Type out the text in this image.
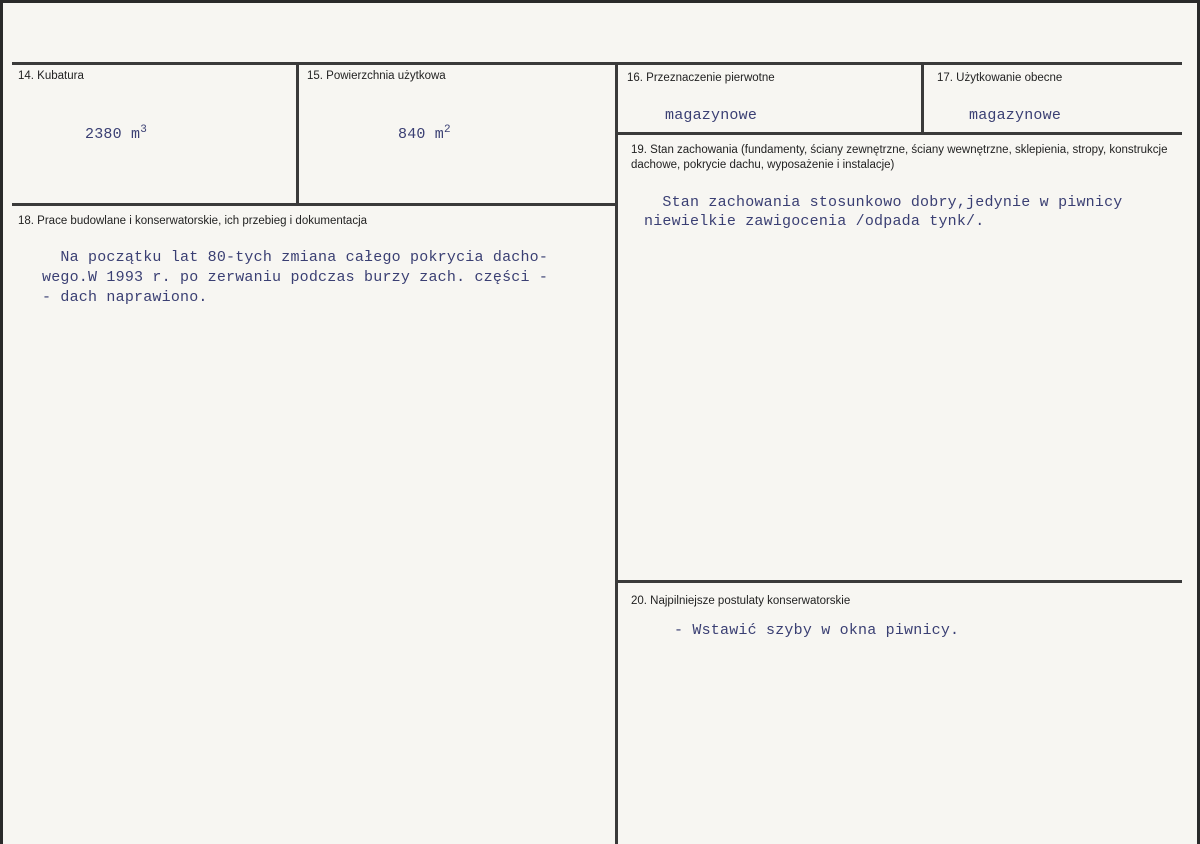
14. Kubatura
2380 $m^3$
15. Powierzchnia użytkowa
840 $m^2$
16. Przeznaczenie pierwotne
magazynowe
17. Użytkowanie obecne
magazynowe
18. Prace budowlane i konserwatorskie, ich przebieg i dokumentacja
Na początku lat 80-tych zmiana całego pokrycia dacho-
wego.W 1993 r. po zerwaniu podczas burzy zach. części -
- dach naprawiono.
19. Stan zachowania (fundamenty, ściany zewnętrzne, ściany wewnętrzne, sklepienia, stropy, konstrukcje dachowe, pokrycie dachu, wyposażenie i instalacje)
Stan zachowania stosunkowo dobry,jedynie w piwnicy
niewielkie zawigocenia /odpada tynk/.
20. Najpilniejsze postulaty konserwatorskie
- Wstawić szyby w okna piwnicy.
